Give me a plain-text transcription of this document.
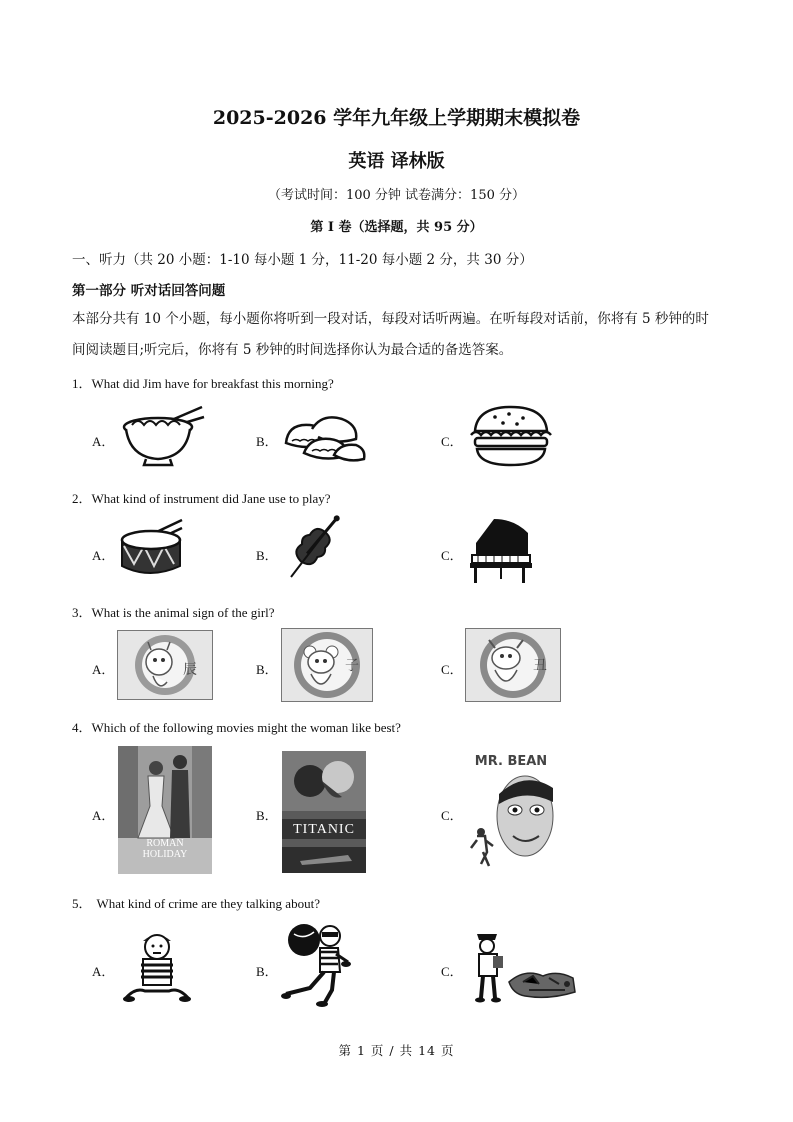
2025-2026 学年九年级上学期期末模拟卷
英语 译林版
（考试时间：100 分钟 试卷满分：150 分）
第 I 卷（选择题，共 95 分）
一、听力（共 20 小题：1-10 每小题 1 分，11-20 每小题 2 分，共 30 分）
第一部分 听对话回答问题
本部分共有 10 个小题，每小题你将听到一段对话，每段对话听两遍。在听每段对话前，你将有 5 秒钟的时
间阅读题目;听完后，你将有 5 秒钟的时间选择你认为最合适的备选答案。
1．What did Jim have for breakfast this morning?
A．	B．	C．
2．What kind of instrument did Jane use to play?
A．	B．	C．
3．What is the animal sign of the girl?
A．	B．	C．
辰	子	丑
4．Which of the following movies might the woman like best?
A．	B．	C．
ROMAN HOLIDAY
TITANIC
MR. BEAN
5． What kind of crime are they talking about?
A．	B．	C．
第 1 页 / 共 14 页
